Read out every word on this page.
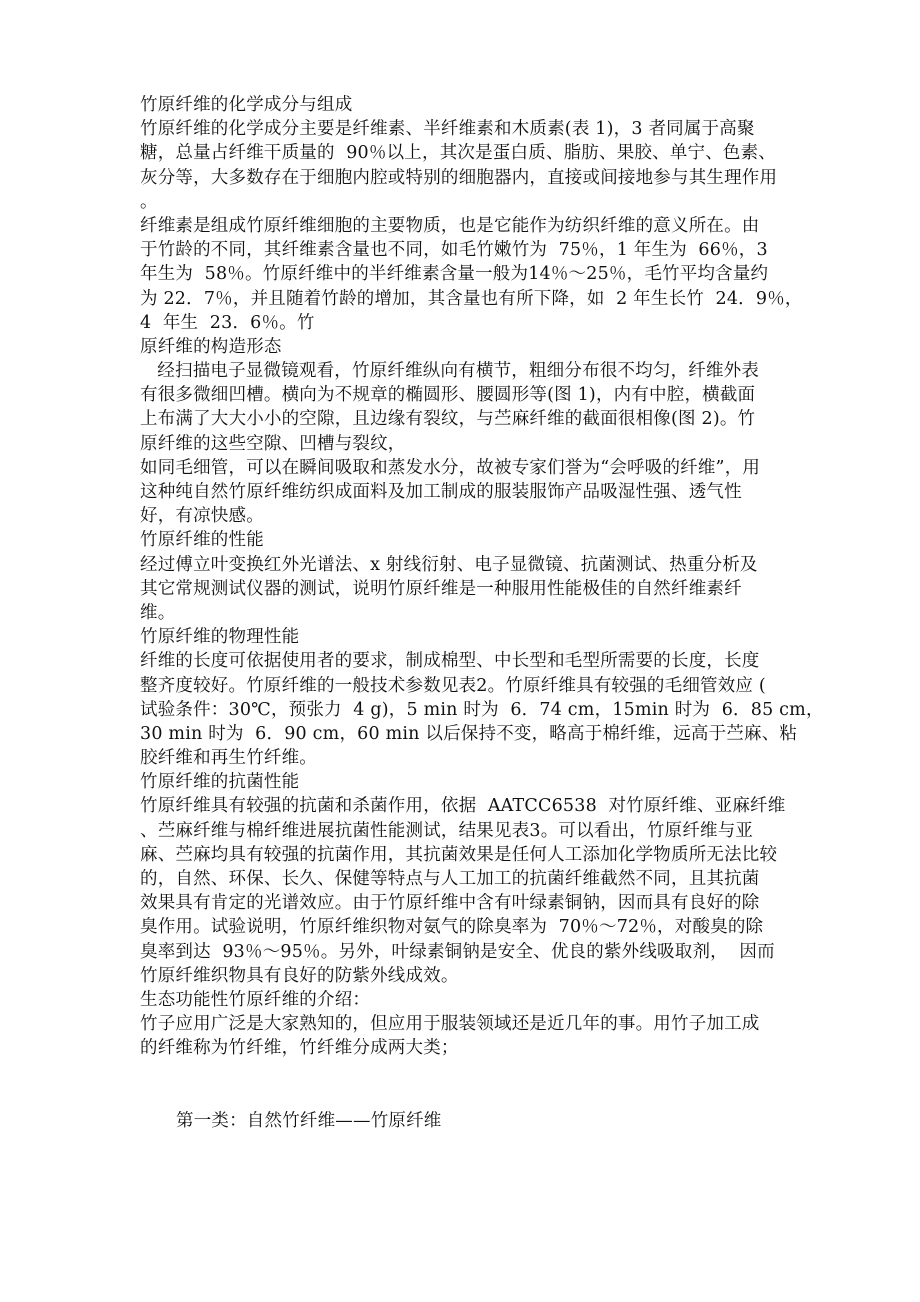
竹原纤维的化学成分与组成
竹原纤维的化学成分主要是纤维素、半纤维素和木质素(表 1)，3 者同属于高聚
糖，总量占纤维干质量的  90％以上，其次是蛋白质、脂肪、果胶、单宁、色素、
灰分等，大多数存在于细胞内腔或特别的细胞器内，直接或间接地参与其生理作用
。
纤维素是组成竹原纤维细胞的主要物质，也是它能作为纺织纤维的意义所在。由
于竹龄的不同，其纤维素含量也不同，如毛竹嫩竹为  75％，1 年生为  66％，3
年生为  58％。竹原纤维中的半纤维素含量一般为14％～25％，毛竹平均含量约
为 22．7％，并且随着竹龄的增加，其含量也有所下降，如  2 年生长竹  24．9％，
4  年生  23．6％。竹
原纤维的构造形态
经扫描电子显微镜观看，竹原纤维纵向有横节，粗细分布很不均匀，纤维外表
有很多微细凹槽。横向为不规章的椭圆形、腰圆形等(图 1)，内有中腔，横截面
上布满了大大小小的空隙，且边缘有裂纹，与苎麻纤维的截面很相像(图 2)。竹
原纤维的这些空隙、凹槽与裂纹，
如同毛细管，可以在瞬间吸取和蒸发水分，故被专家们誉为“会呼吸的纤维”，用
这种纯自然竹原纤维纺织成面料及加工制成的服装服饰产品吸湿性强、透气性
好，有凉快感。
竹原纤维的性能
经过傅立叶变换红外光谱法、x 射线衍射、电子显微镜、抗菌测试、热重分析及
其它常规测试仪器的测试，说明竹原纤维是一种服用性能极佳的自然纤维素纤
维。
竹原纤维的物理性能
纤维的长度可依据使用者的要求，制成棉型、中长型和毛型所需要的长度，长度
整齐度较好。竹原纤维的一般技术参数见表2。竹原纤维具有较强的毛细管效应 (
试验条件：30℃，预张力  4 g)，5 min 时为  6．74 cm，15min 时为  6．85 cm，
30 min 时为  6．90 cm，60 min 以后保持不变，略高于棉纤维，远高于苎麻、粘
胶纤维和再生竹纤维。
竹原纤维的抗菌性能
竹原纤维具有较强的抗菌和杀菌作用，依据  AATCC6538  对竹原纤维、亚麻纤维
、苎麻纤维与棉纤维进展抗菌性能测试，结果见表3。可以看出，竹原纤维与亚
麻、苎麻均具有较强的抗菌作用，其抗菌效果是任何人工添加化学物质所无法比较
的，自然、环保、长久、保健等特点与人工加工的抗菌纤维截然不同，且其抗菌
效果具有肯定的光谱效应。由于竹原纤维中含有叶绿素铜钠，因而具有良好的除
臭作用。试验说明，竹原纤维织物对氨气的除臭率为  70％～72％，对酸臭的除
臭率到达  93％～95％。另外，叶绿素铜钠是安全、优良的紫外线吸取剂，  因而
竹原纤维织物具有良好的防紫外线成效。
生态功能性竹原纤维的介绍：
竹子应用广泛是大家熟知的，但应用于服装领域还是近几年的事。用竹子加工成
的纤维称为竹纤维，竹纤维分成两大类；
第一类：自然竹纤维——竹原纤维
